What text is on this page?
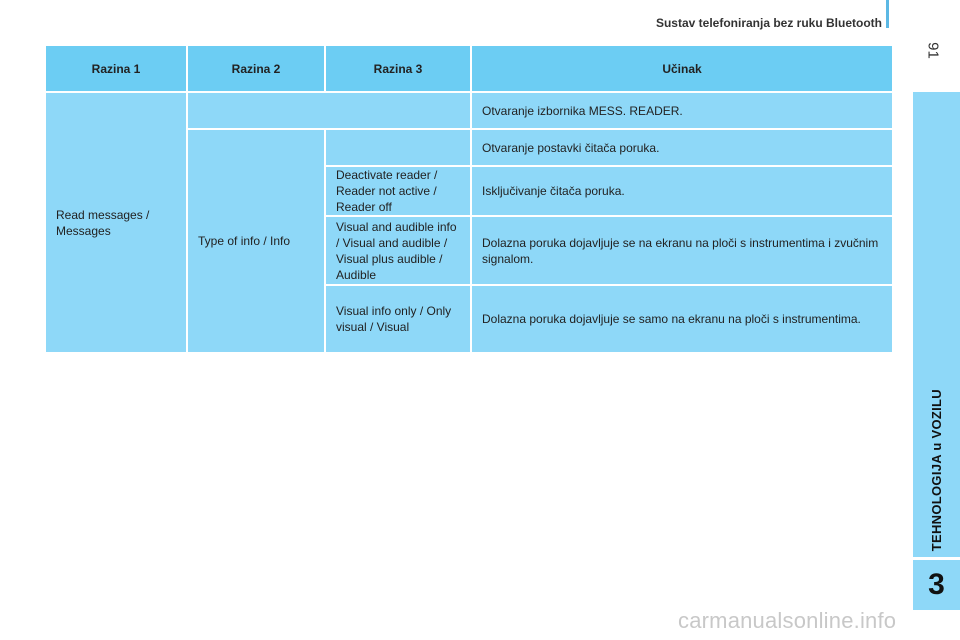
Sustav telefoniranja bez ruku Bluetooth
91
TEHNOLOGIJA u VOZILU
3
Razina 1	Razina 2	Razina 3	Učinak
Read messages / Messages			Otvaranje izbornika MESS. READER.
	Type of info / Info		Otvaranje postavki čitača poruka.
		Deactivate reader / Reader not active / Reader off	Isključivanje čitača poruka.
		Visual and audible info / Visual and audible / Visual plus audible / Audible	Dolazna poruka dojavljuje se na ekranu na ploči s instrumentima i zvučnim signalom.
		Visual info only / Only visual / Visual	Dolazna poruka dojavljuje se samo na ekranu na ploči s instrumentima.
carmanualsonline.info
